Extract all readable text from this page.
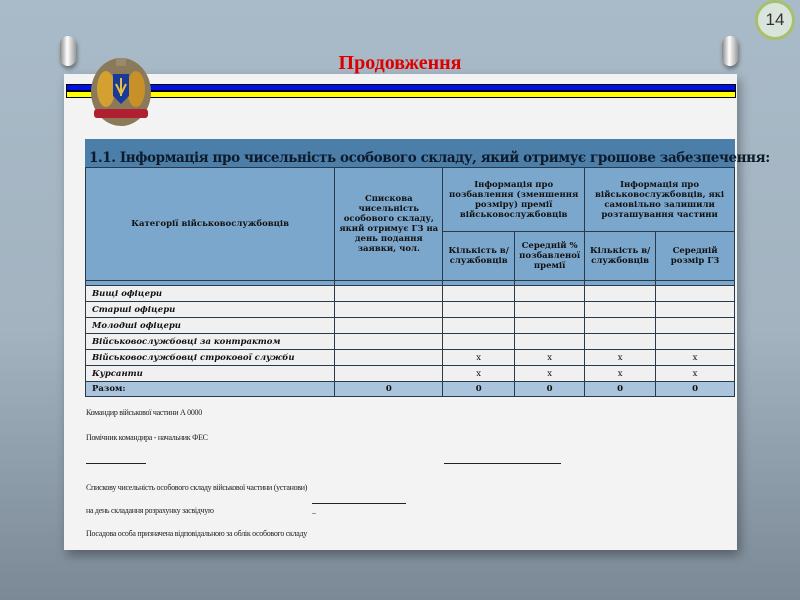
14
Продовження
1.1. Інформація про чисельність особового складу, який отримує грошове забезпечення:
Категорії військовослужбовців	Спискова чисельність особового складу, який отримує ГЗ на день подання заявки, чол.	Інформація про позбавлення (зменшення розміру) премії військовослужбовців		Інформація про військовослужбовців, які самовільно залишили розташування частини	
		Кількість в/службовців	Середній % позбавленої премії	Кількість в/службовців	Середній розмір ГЗ

Вищі офіцери					
Старші офіцери					
Молодші офіцери					
Військовослужбовці за контрактом					
Військовослужбовці строкової служби		x	x	x	x
Курсанти		x	x	x	x
Разом:	0	0	0	0	0
Командир військової частини А 0000
Помічник командира - начальник ФЕС
Спискову чисельність особового складу військової частини (установи)
на день складання розрахунку засвідчую	_
Посадова особа призначена відповідальною за облік особового складу
